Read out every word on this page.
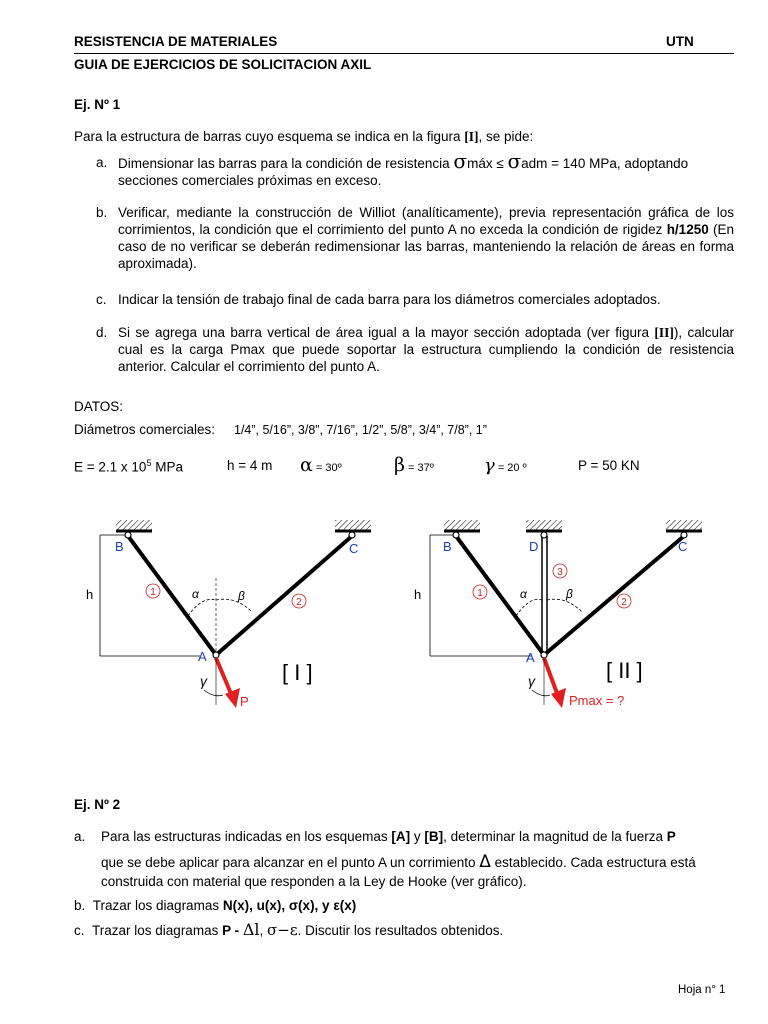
RESISTENCIA DE MATERIALES	UTN
GUIA DE EJERCICIOS DE SOLICITACION AXIL
Ej. Nº 1
Para la estructura de barras cuyo esquema se indica en la figura [I], se pide:
a. Dimensionar las barras para la condición de resistencia σmáx ≤ σadm = 140 MPa, adoptando
secciones comerciales próximas en exceso.
b. Verificar, mediante la construcción de Williot (analíticamente), previa representación gráfica de los corrimientos, la condición que el corrimiento del punto A no exceda la condición de rigidez h/1250 (En caso de no verificar se deberán redimensionar las barras, manteniendo la relación de áreas en forma aproximada).
c. Indicar la tensión de trabajo final de cada barra para los diámetros comerciales adoptados.
d. Si se agrega una barra vertical de área igual a la mayor sección adoptada (ver figura [II]), calcular cual es la carga Pmax que puede soportar la estructura cumpliendo la condición de resistencia anterior. Calcular el corrimiento del punto A.
DATOS:
Diámetros comerciales: 1/4”, 5/16”, 3/8”, 7/16”, 1/2”, 5/8”, 3/4”, 7/8”, 1”
E = 2.1 x $10^5$ MPa	h = 4 m α = 30º	β = 37º	γ = 20 º	P = 50 KN
h	α	β
1
2
B	C
A
P
γ	[ I ]
h	α	β
1
2
3
B	D	C
A
Pmax = ?
γ	[ II ]
Ej. Nº 2
a. Para las estructuras indicadas en los esquemas [A] y [B], determinar la magnitud de la fuerza P
que se debe aplicar para alcanzar en el punto A un corrimiento Δ establecido. Cada estructura está
construida con material que responden a la Ley de Hooke (ver gráfico).
b. Trazar los diagramas N(x), u(x), σ(x), y ε(x)
c. Trazar los diagramas P - Δl, σ−ε. Discutir los resultados obtenidos.
Hoja n° 1
